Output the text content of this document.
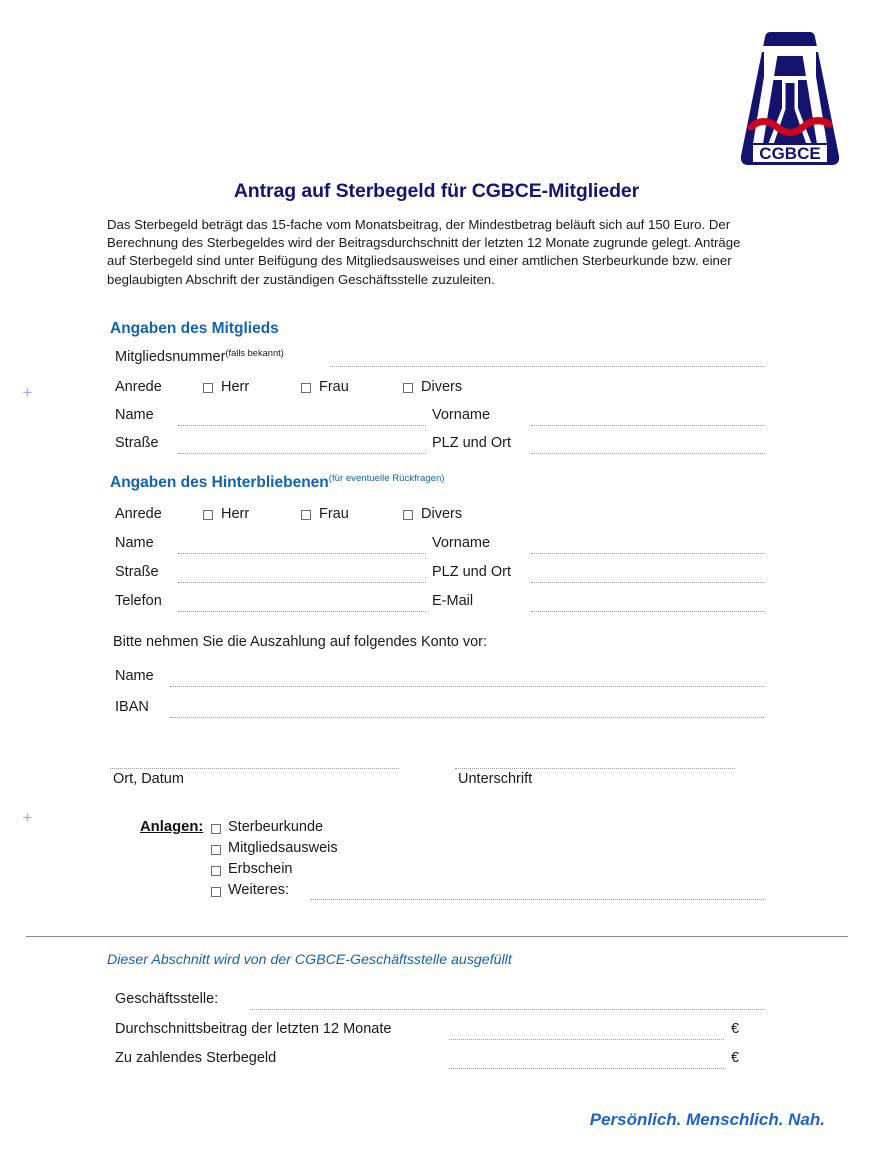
+
+
CGBCE
Antrag auf Sterbegeld für CGBCE-Mitglieder
Das Sterbegeld beträgt das 15-fache vom Monatsbeitrag, der Mindestbetrag beläuft sich auf 150 Euro. Der Berechnung des Sterbegeldes wird der Beitragsdurchschnitt der letzten 12 Monate zugrunde gelegt. Anträge auf Sterbegeld sind unter Beifügung des Mitgliedsausweises und einer amtlichen Sterbeurkunde bzw. einer beglaubigten Abschrift der zuständigen Geschäftsstelle zuzuleiten.
Angaben des Mitglieds
Mitgliedsnummer$^{(falls bekannt)}$
Anrede	Herr	Frau	Divers
Name	Vorname
Straße	PLZ und Ort
Angaben des Hinterbliebenen$^{(für eventuelle Rückfragen)}$
Anrede	Herr	Frau	Divers
Name	Vorname
Straße	PLZ und Ort
Telefon	E-Mail
Bitte nehmen Sie die Auszahlung auf folgendes Konto vor:
Name
IBAN
Ort, Datum	Unterschrift
Anlagen: Sterbeurkunde
Mitgliedsausweis
Erbschein
Weiteres:
Dieser Abschnitt wird von der CGBCE-Geschäftsstelle ausgefüllt
Geschäftsstelle:
Durchschnittsbeitrag der letzten 12 Monate	€
Zu zahlendes Sterbegeld	€
Persönlich. Menschlich. Nah.
